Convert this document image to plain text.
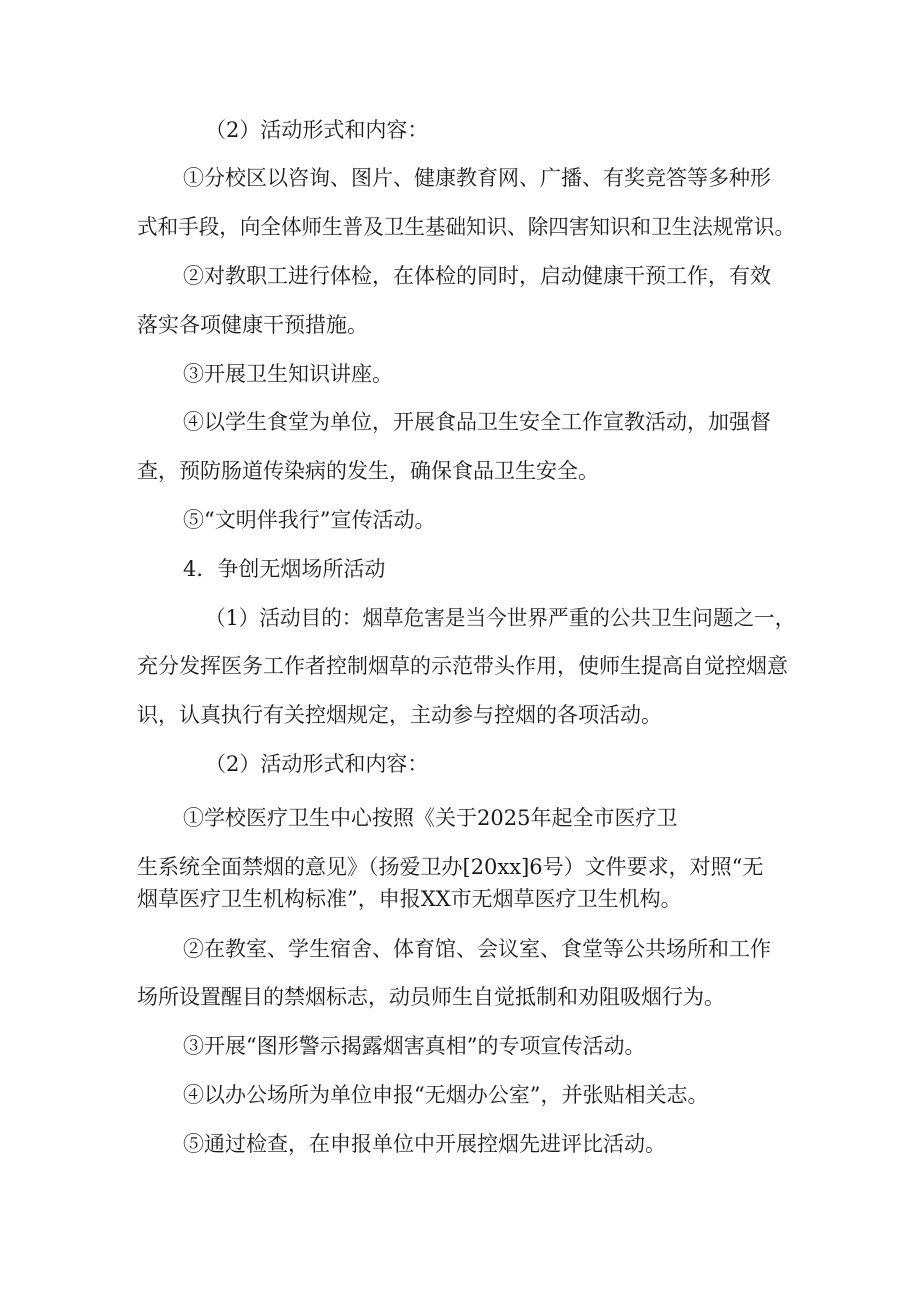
（2）活动形式和内容：

①分校区以咨询、图片、健康教育网、广播、有奖竞答等多种形

式和手段，向全体师生普及卫生基础知识、除四害知识和卫生法规常识。

②对教职工进行体检，在体检的同时，启动健康干预工作，有效

落实各项健康干预措施。

③开展卫生知识讲座。

④以学生食堂为单位，开展食品卫生安全工作宣教活动，加强督

查，预防肠道传染病的发生，确保食品卫生安全。

⑤“文明伴我行”宣传活动。

4．争创无烟场所活动

（1）活动目的：烟草危害是当今世界严重的公共卫生问题之一，

充分发挥医务工作者控制烟草的示范带头作用，使师生提高自觉控烟意

识，认真执行有关控烟规定，主动参与控烟的各项活动。

（2）活动形式和内容：

①学校医疗卫生中心按照《关于2025年起全市医疗卫

生系统全面禁烟的意见》（扬爱卫办[20xx]6号）文件要求，对照“无

烟草医疗卫生机构标准”，申报XX市无烟草医疗卫生机构。

②在教室、学生宿舍、体育馆、会议室、食堂等公共场所和工作

场所设置醒目的禁烟标志，动员师生自觉抵制和劝阻吸烟行为。

③开展“图形警示揭露烟害真相”的专项宣传活动。

④以办公场所为单位申报“无烟办公室”，并张贴相关志。

⑤通过检查，在申报单位中开展控烟先进评比活动。
